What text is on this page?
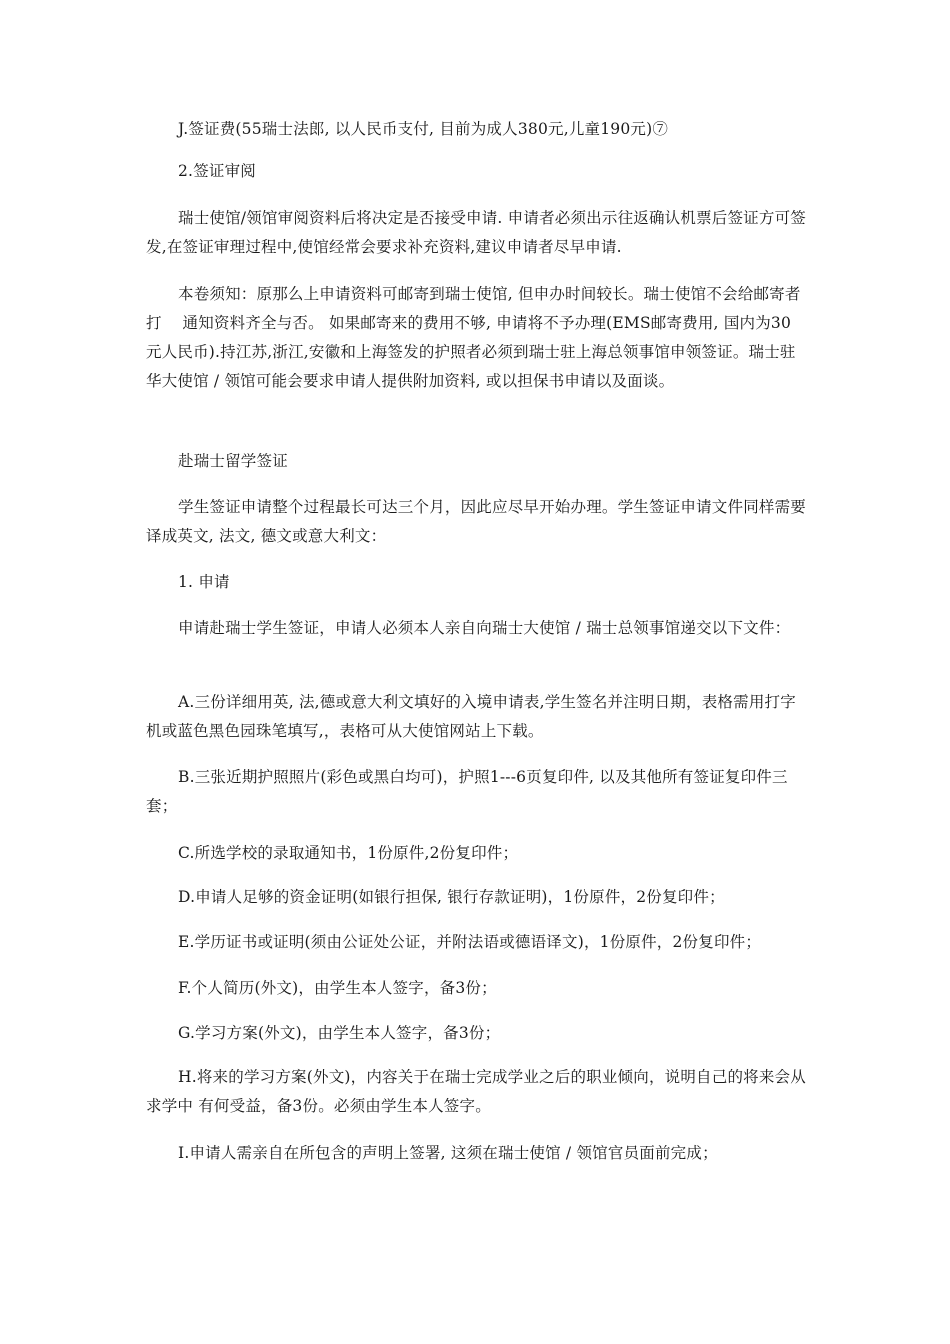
J.签证费(55瑞士法郎, 以人民币支付, 目前为成人380元,儿童190元)⑦

2.签证审阅

瑞士使馆/领馆审阅资料后将决定是否接受申请. 申请者必须出示往返确认机票后签证方可签发,在签证审理过程中,使馆经常会要求补充资料,建议申请者尽早申请.

本卷须知：原那么上申请资料可邮寄到瑞士使馆, 但申办时间较长。瑞士使馆不会给邮寄者打　 通知资料齐全与否。 如果邮寄来的费用不够, 申请将不予办理(EMS邮寄费用, 国内为30元人民币).持江苏,浙江,安徽和上海签发的护照者必须到瑞士驻上海总领事馆申领签证。瑞士驻华大使馆 / 领馆可能会要求申请人提供附加资料, 或以担保书申请以及面谈。

赴瑞士留学签证

学生签证申请整个过程最长可达三个月，因此应尽早开始办理。学生签证申请文件同样需要译成英文, 法文, 德文或意大利文：

1. 申请

申请赴瑞士学生签证，申请人必须本人亲自向瑞士大使馆 / 瑞士总领事馆递交以下文件：

A.三份详细用英, 法,德或意大利文填好的入境申请表,学生签名并注明日期，表格需用打字机或蓝色黑色园珠笔填写,，表格可从大使馆网站上下载。

B.三张近期护照照片(彩色或黑白均可)，护照1---6页复印件, 以及其他所有签证复印件三套；

C.所选学校的录取通知书，1份原件,2份复印件；

D.申请人足够的资金证明(如银行担保, 银行存款证明)，1份原件，2份复印件；

E.学历证书或证明(须由公证处公证，并附法语或德语译文)，1份原件，2份复印件；

F.个人简历(外文)，由学生本人签字，备3份；

G.学习方案(外文)，由学生本人签字，备3份；

H.将来的学习方案(外文)，内容关于在瑞士完成学业之后的职业倾向，说明自己的将来会从求学中 有何受益，备3份。必须由学生本人签字。

I.申请人需亲自在所包含的声明上签署, 这须在瑞士使馆 / 领馆官员面前完成；
